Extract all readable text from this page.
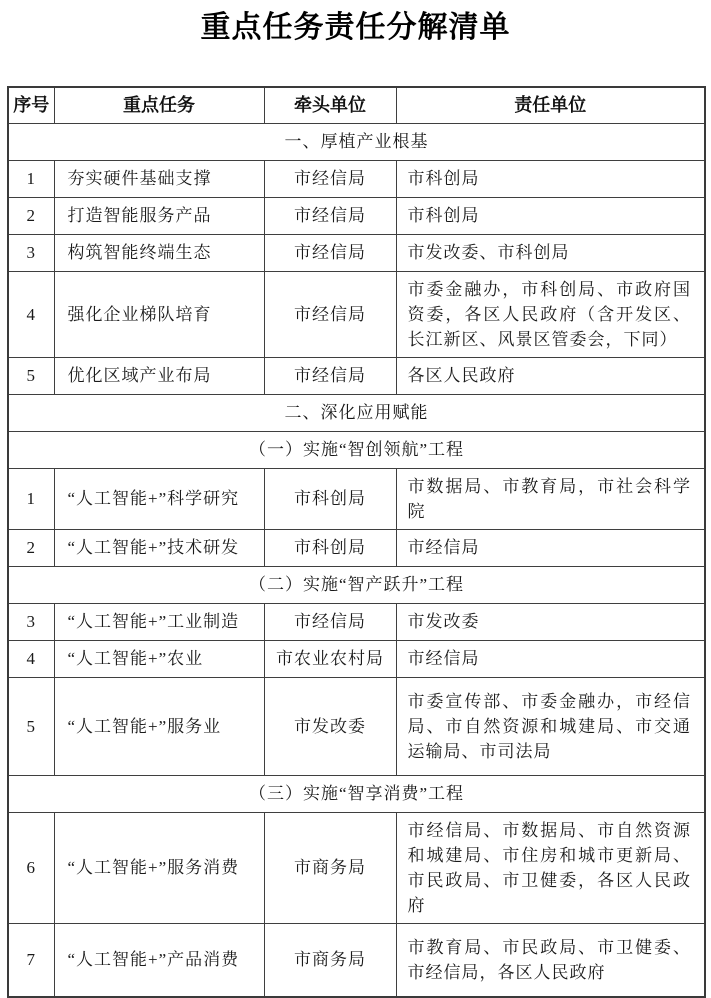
重点任务责任分解清单
序号	重点任务	牵头单位	责任单位
一、厚植产业根基			
1	夯实硬件基础支撑	市经信局	市科创局
2	打造智能服务产品	市经信局	市科创局
3	构筑智能终端生态	市经信局	市发改委、市科创局
4	强化企业梯队培育	市经信局	市委金融办，市科创局、市政府国资委，各区人民政府（含开发区、长江新区、风景区管委会，下同）
5	优化区域产业布局	市经信局	各区人民政府
二、深化应用赋能			
（一）实施“智创领航”工程			
1	“人工智能+”科学研究	市科创局	市数据局、市教育局，市社会科学院
2	“人工智能+”技术研发	市科创局	市经信局
（二）实施“智产跃升”工程			
3	“人工智能+”工业制造	市经信局	市发改委
4	“人工智能+”农业	市农业农村局	市经信局
5	“人工智能+”服务业	市发改委	市委宣传部、市委金融办，市经信局、市自然资源和城建局、市交通运输局、市司法局
（三）实施“智享消费”工程			
6	“人工智能+”服务消费	市商务局	市经信局、市数据局、市自然资源和城建局、市住房和城市更新局、市民政局、市卫健委，各区人民政府
7	“人工智能+”产品消费	市商务局	市教育局、市民政局、市卫健委、市经信局，各区人民政府
